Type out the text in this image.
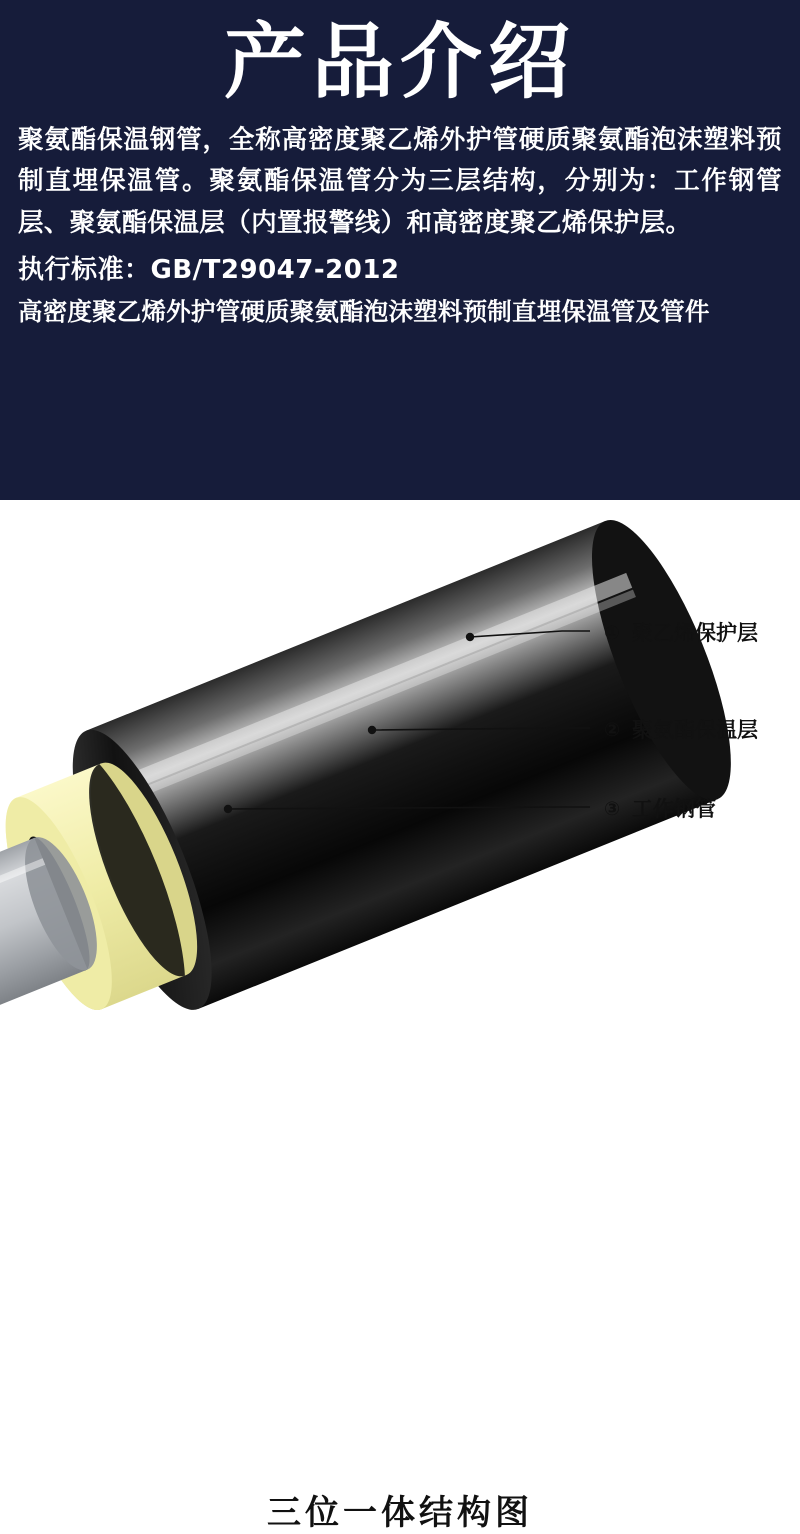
产品介绍
聚氨酯保温钢管，全称高密度聚乙烯外护管硬质聚氨酯泡沫塑料预制直埋保温管。聚氨酯保温管分为三层结构，分别为：工作钢管层、聚氨酯保温层（内置报警线）和高密度聚乙烯保护层。
执行标准：GB/T29047-2012
高密度聚乙烯外护管硬质聚氨酯泡沫塑料预制直埋保温管及管件
① 聚乙烯保护层
② 聚氨酯保温层
③ 工作钢管
三位一体结构图
